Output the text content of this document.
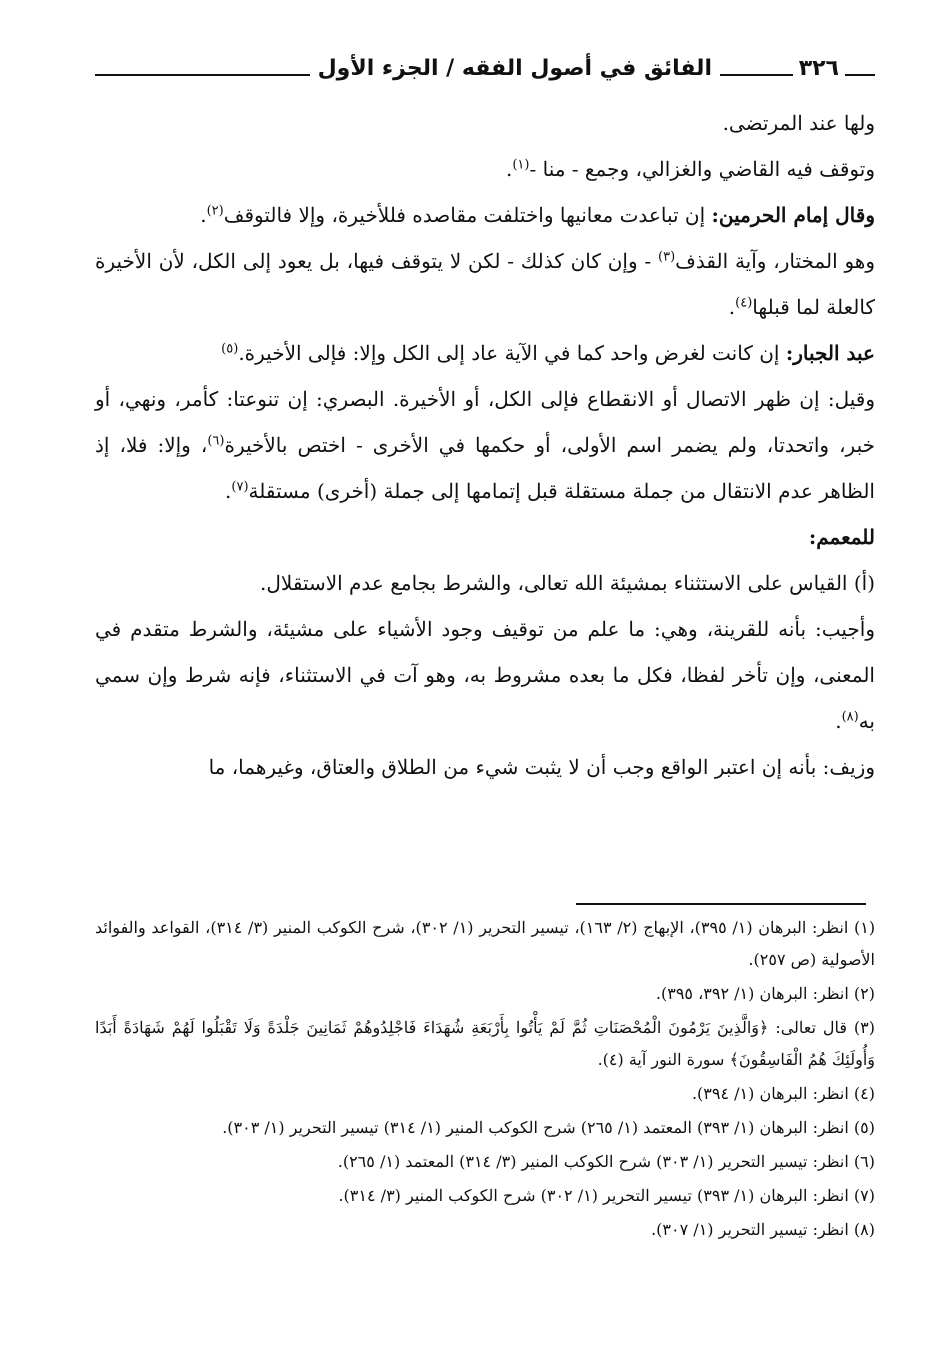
٣٢٦
الفائق في أصول الفقه / الجزء الأول

ولها عند المرتضى.

وتوقف فيه القاضي والغزالي، وجمع - منا -$^{(١)}$.

وقال إمام الحرمين: إن تباعدت معانيها واختلفت مقاصده فللأخيرة، وإلا فالتوقف$^{(٢)}$.

وهو المختار، وآية القذف$^{(٣)}$ - وإن كان كذلك - لكن لا يتوقف فيها، بل يعود إلى الكل، لأن الأخيرة كالعلة لما قبلها$^{(٤)}$.

عبد الجبار: إن كانت لغرض واحد كما في الآية عاد إلى الكل وإلا: فإلى الأخيرة.$^{(٥)}$

وقيل: إن ظهر الاتصال أو الانقطاع فإلى الكل، أو الأخيرة. البصري: إن تنوعتا: كأمر، ونهي، أو خبر، واتحدتا، ولم يضمر اسم الأولى، أو حكمها في الأخرى - اختص بالأخيرة$^{(٦)}$، وإلا: فلا، إذ الظاهر عدم الانتقال من جملة مستقلة قبل إتمامها إلى جملة (أخرى) مستقلة$^{(٧)}$.

للمعمم:

(أ) القياس على الاستثناء بمشيئة الله تعالى، والشرط بجامع عدم الاستقلال.

وأجيب: بأنه للقرينة، وهي: ما علم من توقيف وجود الأشياء على مشيئة، والشرط متقدم في المعنى، وإن تأخر لفظا، فكل ما بعده مشروط به، وهو آت في الاستثناء، فإنه شرط وإن سمي به$^{(٨)}$.

وزيف: بأنه إن اعتبر الواقع وجب أن لا يثبت شيء من الطلاق والعتاق، وغيرهما، ما

(١) انظر: البرهان (١/ ٣٩٥)، الإبهاج (٢/ ١٦٣)، تيسير التحرير (١/ ٣٠٢)، شرح الكوكب المنير (٣/ ٣١٤)، القواعد والفوائد الأصولية (ص ٢٥٧).

(٢) انظر: البرهان (١/ ٣٩٢، ٣٩٥).

(٣) قال تعالى: ﴿وَالَّذِينَ يَرْمُونَ الْمُحْصَنَاتِ ثُمَّ لَمْ يَأْتُوا بِأَرْبَعَةِ شُهَدَاءَ فَاجْلِدُوهُمْ ثَمَانِينَ جَلْدَةً وَلَا تَقْبَلُوا لَهُمْ شَهَادَةً أَبَدًا وَأُولَئِكَ هُمُ الْفَاسِقُونَ﴾ سورة النور آية (٤).

(٤) انظر: البرهان (١/ ٣٩٤).

(٥) انظر: البرهان (١/ ٣٩٣) المعتمد (١/ ٢٦٥) شرح الكوكب المنير (١/ ٣١٤) تيسير التحرير (١/ ٣٠٣).

(٦) انظر: تيسير التحرير (١/ ٣٠٣) شرح الكوكب المنير (٣/ ٣١٤) المعتمد (١/ ٢٦٥).

(٧) انظر: البرهان (١/ ٣٩٣) تيسير التحرير (١/ ٣٠٢) شرح الكوكب المنير (٣/ ٣١٤).

(٨) انظر: تيسير التحرير (١/ ٣٠٧).
